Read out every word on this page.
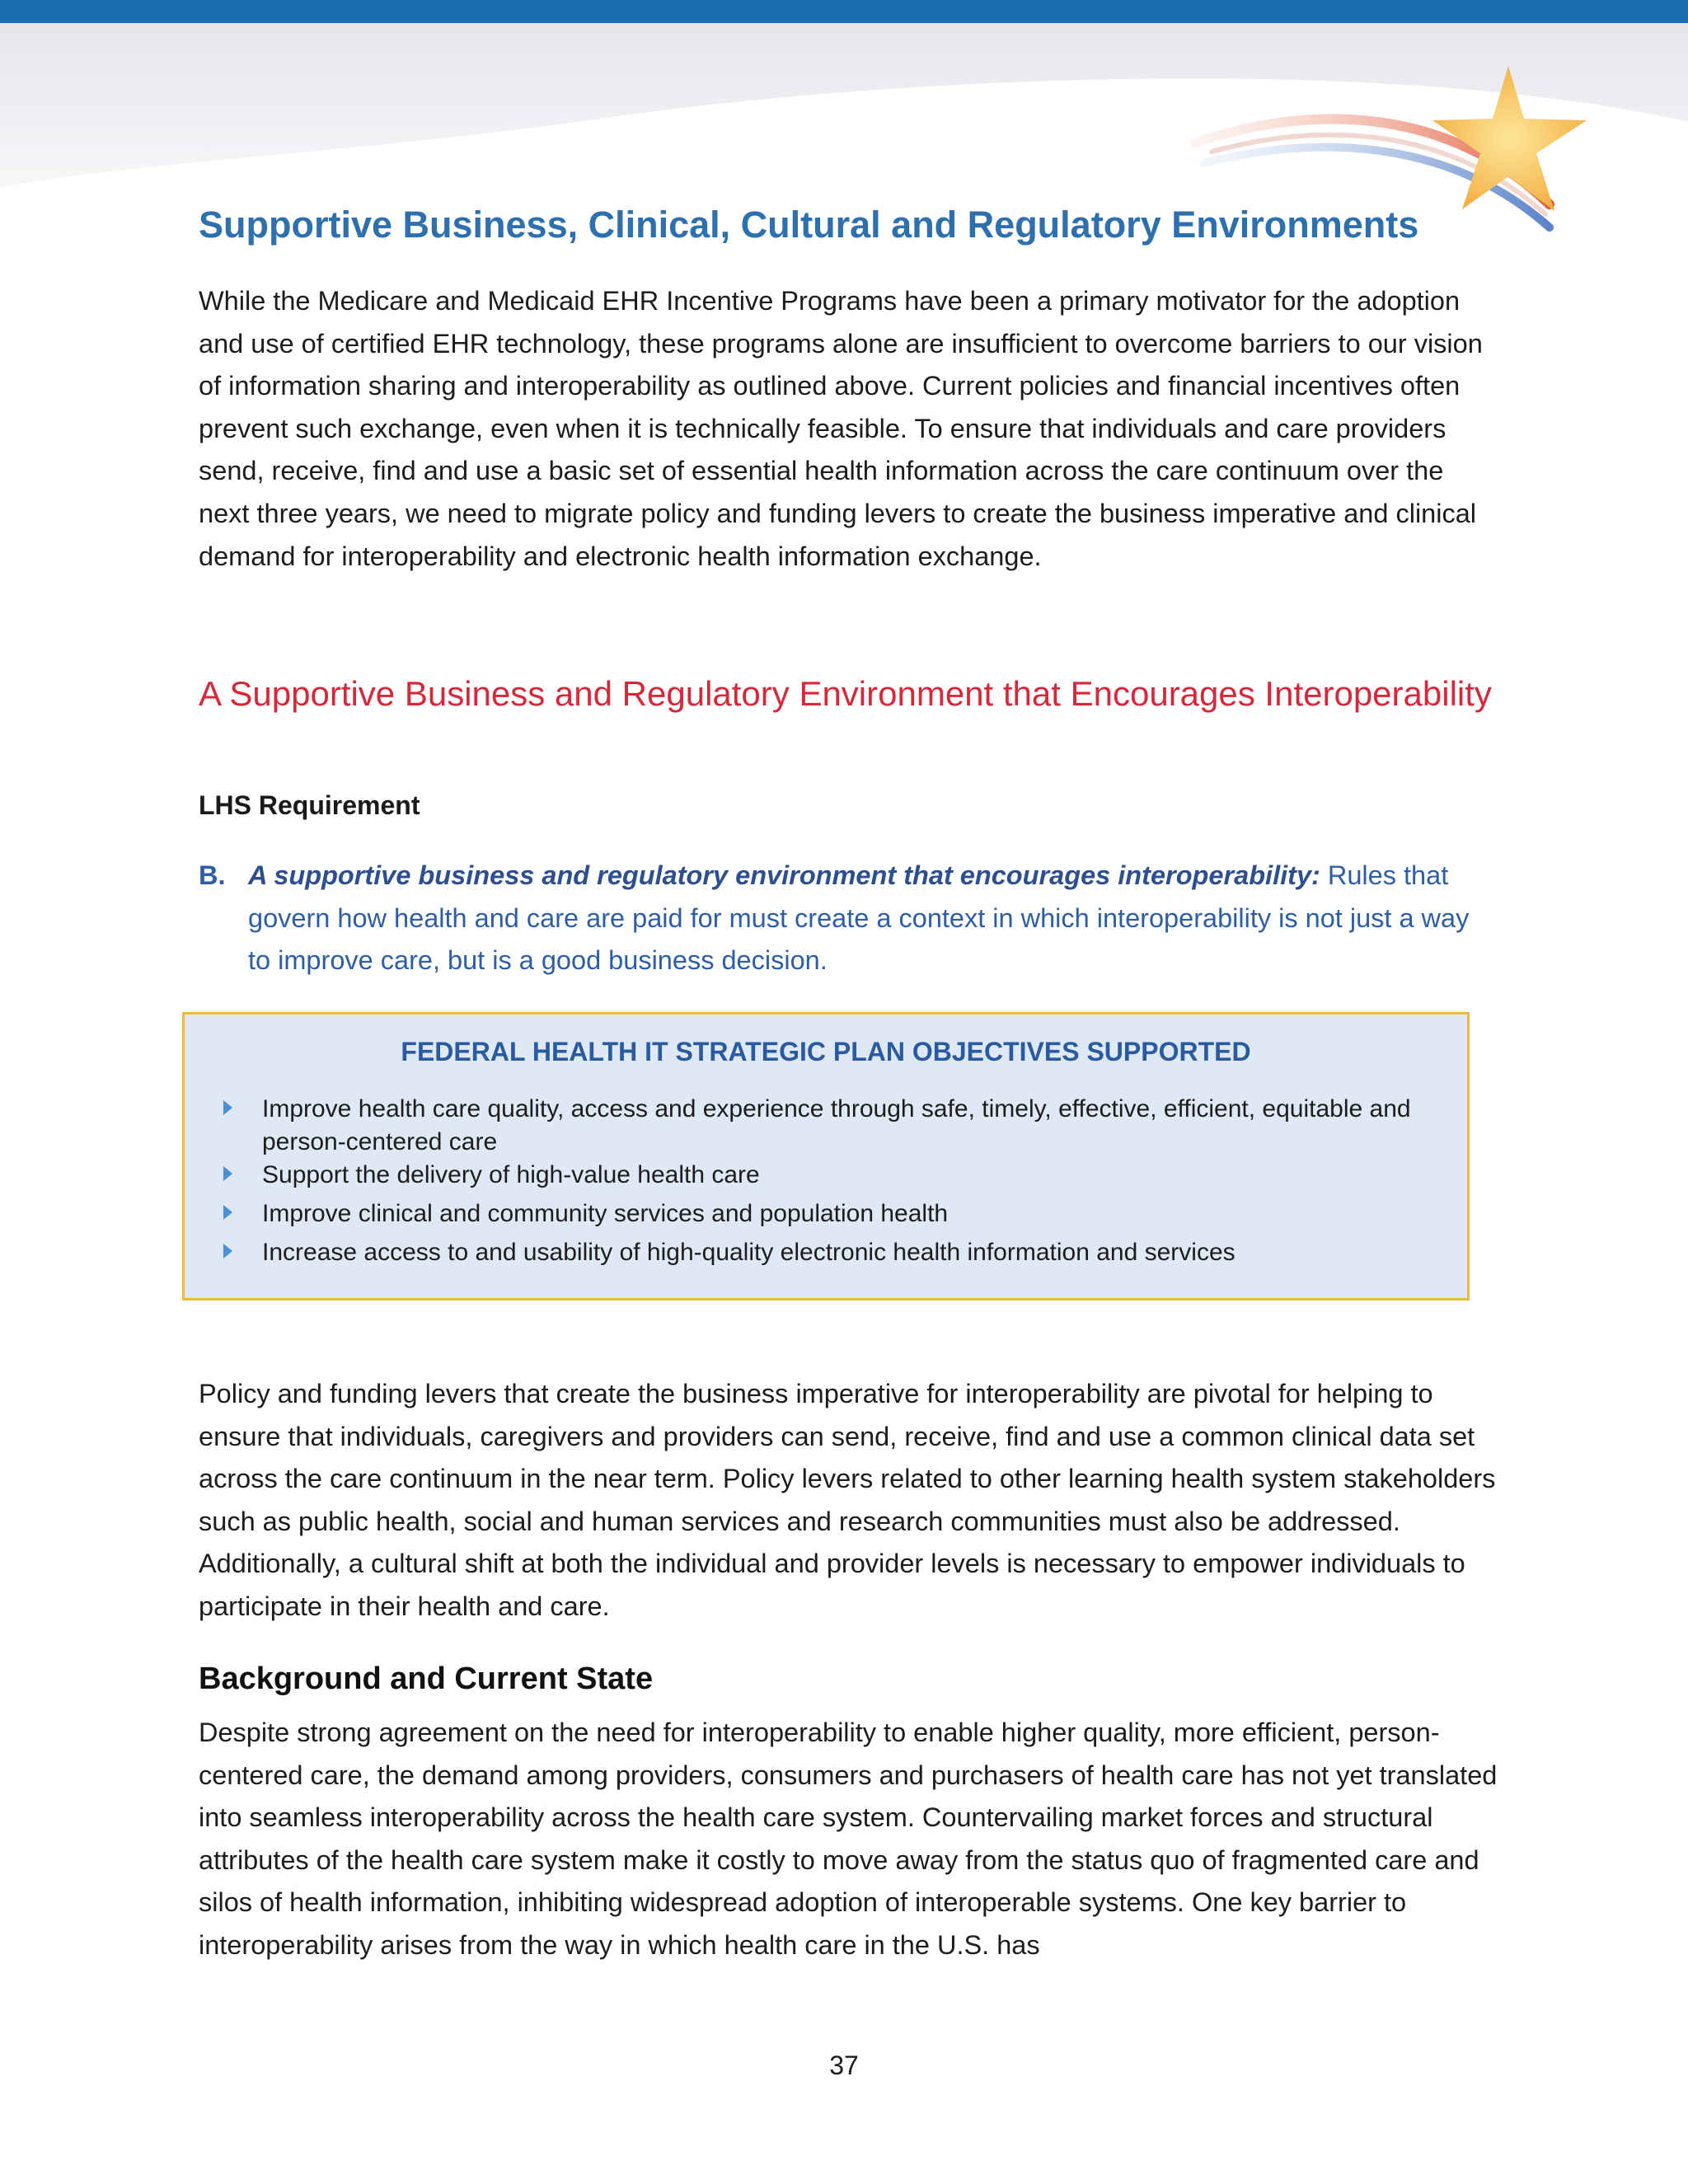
Supportive Business, Clinical, Cultural and Regulatory Environments

While the Medicare and Medicaid EHR Incentive Programs have been a primary motivator for the adoption and use of certified EHR technology, these programs alone are insufficient to overcome barriers to our vision of information sharing and interoperability as outlined above. Current policies and financial incentives often prevent such exchange, even when it is technically feasible. To ensure that individuals and care providers send, receive, find and use a basic set of essential health information across the care continuum over the next three years, we need to migrate policy and funding levers to create the business imperative and clinical demand for interoperability and electronic health information exchange.

A Supportive Business and Regulatory Environment that Encourages Interoperability

LHS Requirement

B. A supportive business and regulatory environment that encourages interoperability: Rules that govern how health and care are paid for must create a context in which interoperability is not just a way to improve care, but is a good business decision.

FEDERAL HEALTH IT STRATEGIC PLAN OBJECTIVES SUPPORTED

Improve health care quality, access and experience through safe, timely, effective, efficient, equitable and person-centered care
Support the delivery of high-value health care
Improve clinical and community services and population health
Increase access to and usability of high-quality electronic health information and services

Policy and funding levers that create the business imperative for interoperability are pivotal for helping to ensure that individuals, caregivers and providers can send, receive, find and use a common clinical data set across the care continuum in the near term. Policy levers related to other learning health system stakeholders such as public health, social and human services and research communities must also be addressed. Additionally, a cultural shift at both the individual and provider levels is necessary to empower individuals to participate in their health and care.

Background and Current State

Despite strong agreement on the need for interoperability to enable higher quality, more efficient, person-centered care, the demand among providers, consumers and purchasers of health care has not yet translated into seamless interoperability across the health care system. Countervailing market forces and structural attributes of the health care system make it costly to move away from the status quo of fragmented care and silos of health information, inhibiting widespread adoption of interoperable systems. One key barrier to interoperability arises from the way in which health care in the U.S. has

37
